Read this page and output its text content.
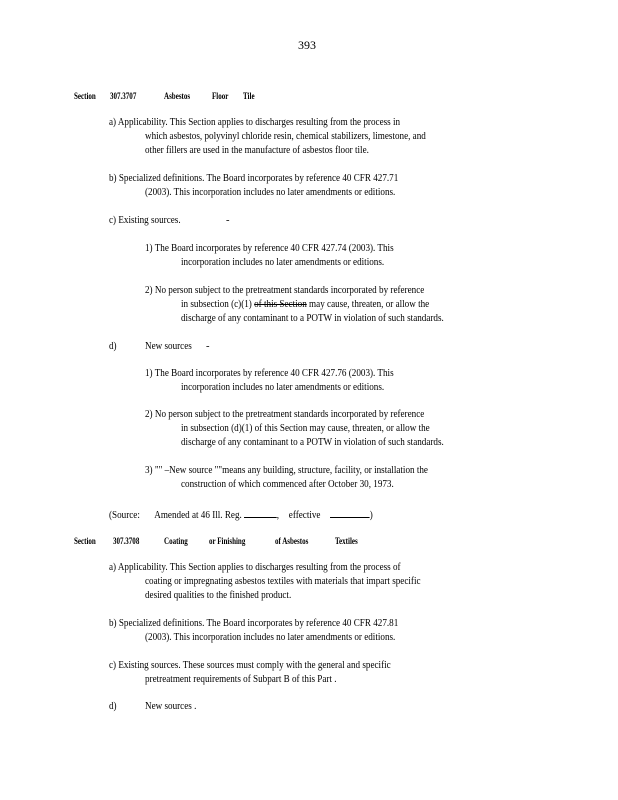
393
Section 307.3707	Asbestos Floor Tile
a) Applicability. This Section applies to discharges resulting from the process in
which asbestos, polyvinyl chloride resin, chemical stabilizers, limestone, and
other fillers are used in the manufacture of asbestos floor tile.
b) Specialized definitions. The Board incorporates by reference 40 CFR 427.71
(2003). This incorporation includes no later amendments or editions.
c) Existing sources.	-
1) The Board incorporates by reference 40 CFR 427.74 (2003). This
incorporation includes no later amendments or editions.
2) No person subject to the pretreatment standards incorporated by reference
in subsection (c)(1) of this Section may cause, threaten, or allow the
discharge of any contaminant to a POTW in violation of such standards.
d)	New sources -
1) The Board incorporates by reference 40 CFR 427.76 (2003). This
incorporation includes no later amendments or editions.
2) No person subject to the pretreatment standards incorporated by reference
in subsection (d)(1) of this Section may cause, threaten, or allow the
discharge of any contaminant to a POTW in violation of such standards.
3) "" –New source ""means any building, structure, facility, or installation the
construction of which commenced after October 30, 1973.
(Source: Amended at 46 Ill. Reg.	, effective	)
Section 307.3708	Coating or Finishing	of Asbestos	Textiles
a) Applicability. This Section applies to discharges resulting from the process of
coating or impregnating asbestos textiles with materials that impart specific
desired qualities to the finished product.
b) Specialized definitions. The Board incorporates by reference 40 CFR 427.81
(2003). This incorporation includes no later amendments or editions.
c) Existing sources. These sources must comply with the general and specific
pretreatment requirements of Subpart B of this Part .
d)	New sources .
